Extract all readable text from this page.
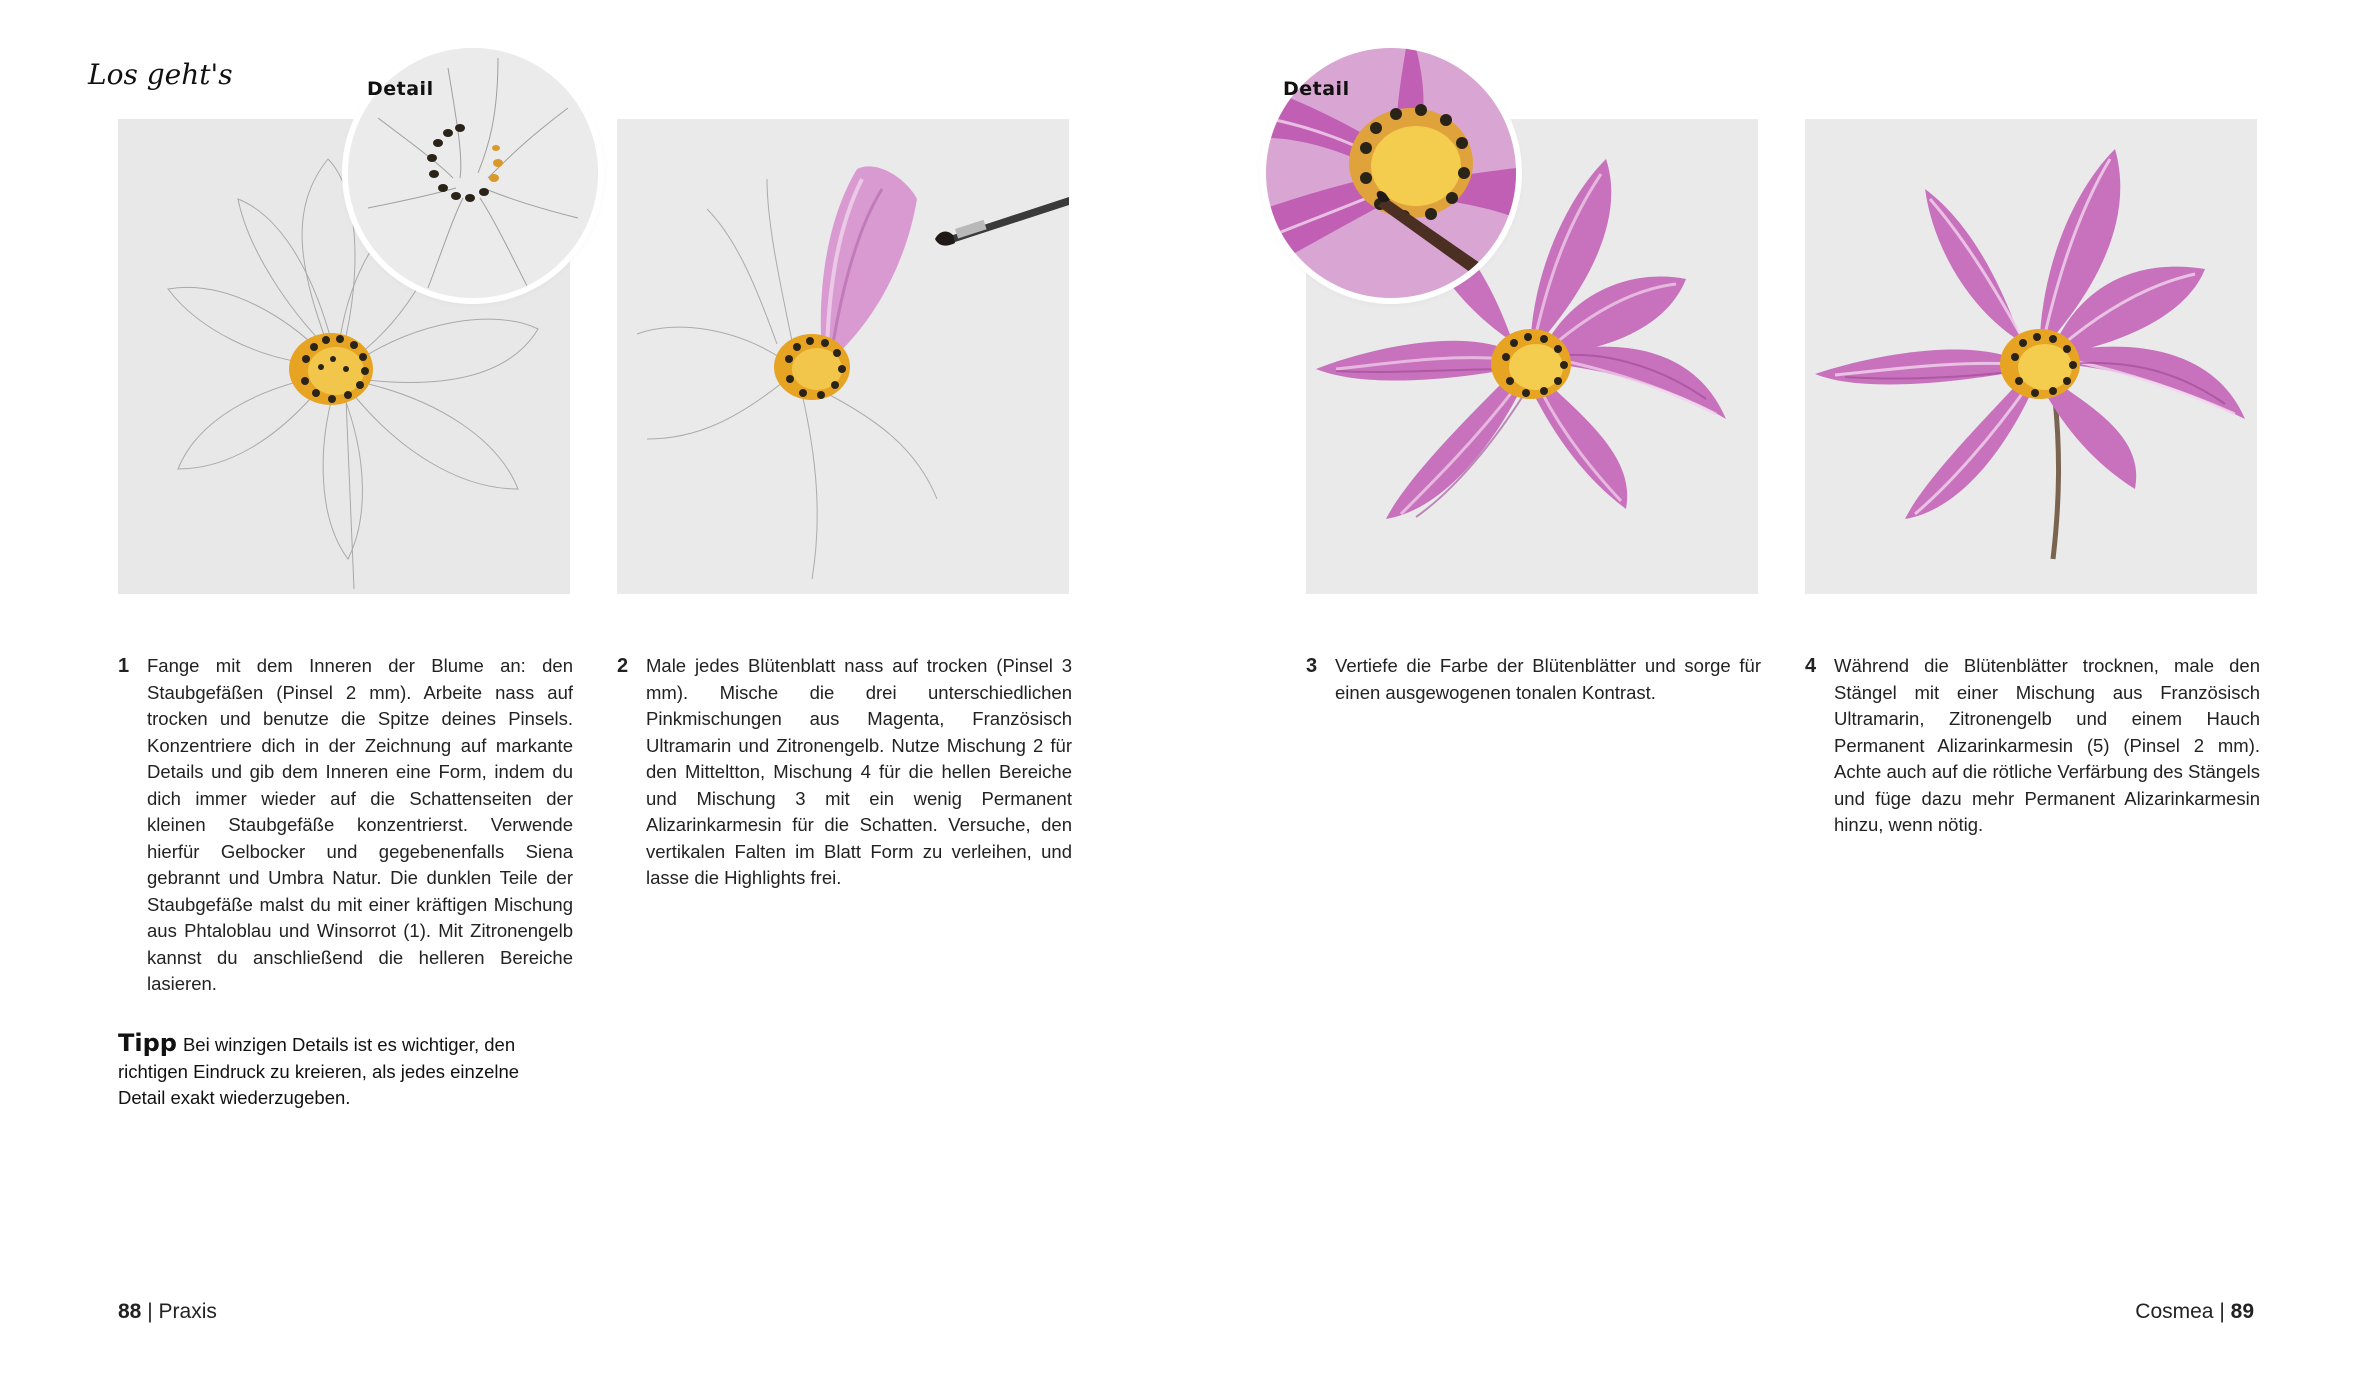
Los geht's	Detail	Detail
1 Fange mit dem Inneren der Blume an: den Staubgefäßen (Pinsel 2 mm). Arbeite nass auf trocken und benutze die Spitze deines Pinsels. Konzentriere dich in der Zeichnung auf markante Details und gib dem Inneren eine Form, indem du dich immer wieder auf die Schattenseiten der kleinen Staubgefäße konzentrierst. Verwende hierfür Gelbocker und gegebenenfalls Siena gebrannt und Umbra Natur. Die dunklen Teile der Staubgefäße malst du mit einer kräftigen Mischung aus Phtaloblau und Winsorrot (1). Mit Zitronengelb kannst du anschließend die helleren Bereiche lasieren.
2 Male jedes Blütenblatt nass auf trocken (Pinsel 3 mm). Mische die drei unterschiedlichen Pinkmischungen aus Magenta, Französisch Ultramarin und Zitronengelb. Nutze Mischung 2 für den Mitteltton, Mischung 4 für die hellen Bereiche und Mischung 3 mit ein wenig Permanent Alizarinkarmesin für die Schatten. Versuche, den vertikalen Falten im Blatt Form zu verleihen, und lasse die Highlights frei.
3 Vertiefe die Farbe der Blütenblätter und sorge für einen ausgewogenen tonalen Kontrast.
4 Während die Blütenblätter trocknen, male den Stängel mit einer Mischung aus Französisch Ultramarin, Zitronengelb und einem Hauch Permanent Alizarinkarmesin (5) (Pinsel 2 mm). Achte auch auf die rötliche Verfärbung des Stängels und füge dazu mehr Permanent Alizarinkarmesin hinzu, wenn nötig.
Tipp Bei winzigen Details ist es wichtiger, den richtigen Eindruck zu kreieren, als jedes einzelne Detail exakt wiederzugeben.
88 | Praxis	Cosmea | 89
